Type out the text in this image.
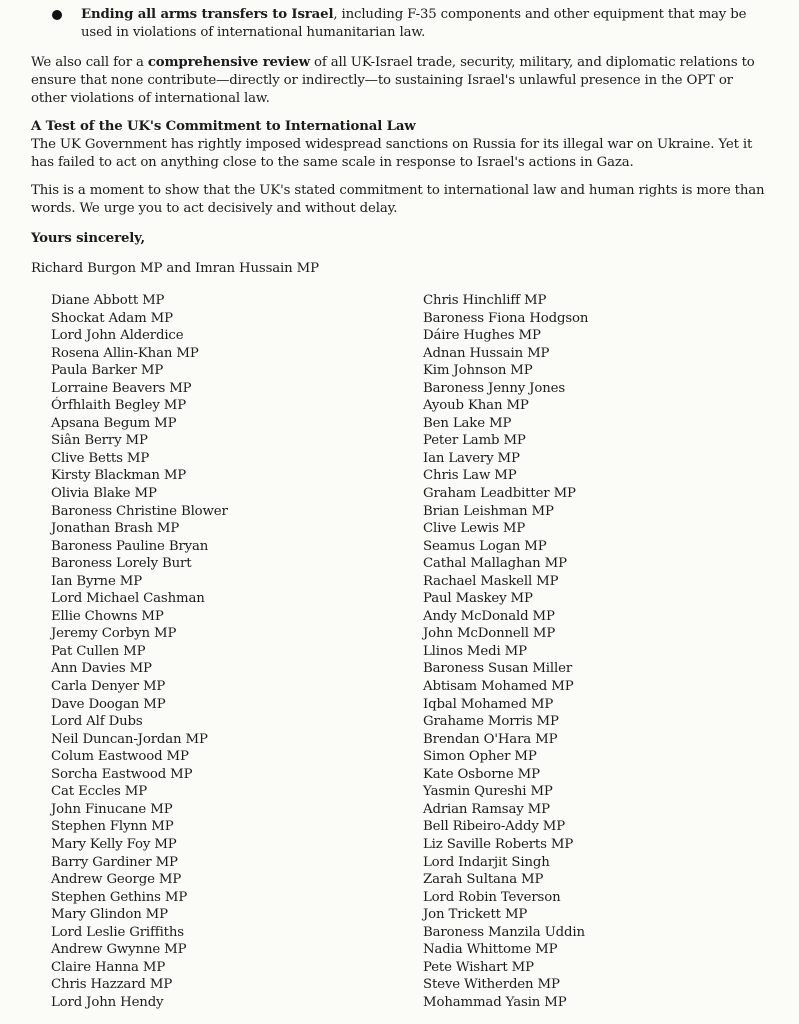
Ending all arms transfers to Israel, including F-35 components and other equipment that may be used in violations of international humanitarian law.

We also call for a comprehensive review of all UK-Israel trade, security, military, and diplomatic relations to ensure that none contribute—directly or indirectly—to sustaining Israel's unlawful presence in the OPT or other violations of international law.

A Test of the UK's Commitment to International Law

The UK Government has rightly imposed widespread sanctions on Russia for its illegal war on Ukraine. Yet it has failed to act on anything close to the same scale in response to Israel's actions in Gaza.

This is a moment to show that the UK's stated commitment to international law and human rights is more than words. We urge you to act decisively and without delay.

Yours sincerely,

Richard Burgon MP and Imran Hussain MP

Diane Abbott MP
Shockat Adam MP
Lord John Alderdice
Rosena Allin-Khan MP
Paula Barker MP
Lorraine Beavers MP
Órfhlaith Begley MP
Apsana Begum MP
Siân Berry MP
Clive Betts MP
Kirsty Blackman MP
Olivia Blake MP
Baroness Christine Blower
Jonathan Brash MP
Baroness Pauline Bryan
Baroness Lorely Burt
Ian Byrne MP
Lord Michael Cashman
Ellie Chowns MP
Jeremy Corbyn MP
Pat Cullen MP
Ann Davies MP
Carla Denyer MP
Dave Doogan MP
Lord Alf Dubs
Neil Duncan-Jordan MP
Colum Eastwood MP
Sorcha Eastwood MP
Cat Eccles MP
John Finucane MP
Stephen Flynn MP
Mary Kelly Foy MP
Barry Gardiner MP
Andrew George MP
Stephen Gethins MP
Mary Glindon MP
Lord Leslie Griffiths
Andrew Gwynne MP
Claire Hanna MP
Chris Hazzard MP
Lord John Hendy
Chris Hinchliff MP
Baroness Fiona Hodgson
Dáire Hughes MP
Adnan Hussain MP
Kim Johnson MP
Baroness Jenny Jones
Ayoub Khan MP
Ben Lake MP
Peter Lamb MP
Ian Lavery MP
Chris Law MP
Graham Leadbitter MP
Brian Leishman MP
Clive Lewis MP
Seamus Logan MP
Cathal Mallaghan MP
Rachael Maskell MP
Paul Maskey MP
Andy McDonald MP
John McDonnell MP
Llinos Medi MP
Baroness Susan Miller
Abtisam Mohamed MP
Iqbal Mohamed MP
Grahame Morris MP
Brendan O'Hara MP
Simon Opher MP
Kate Osborne MP
Yasmin Qureshi MP
Adrian Ramsay MP
Bell Ribeiro-Addy MP
Liz Saville Roberts MP
Lord Indarjit Singh
Zarah Sultana MP
Lord Robin Teverson
Jon Trickett MP
Baroness Manzila Uddin
Nadia Whittome MP
Pete Wishart MP
Steve Witherden MP
Mohammad Yasin MP
